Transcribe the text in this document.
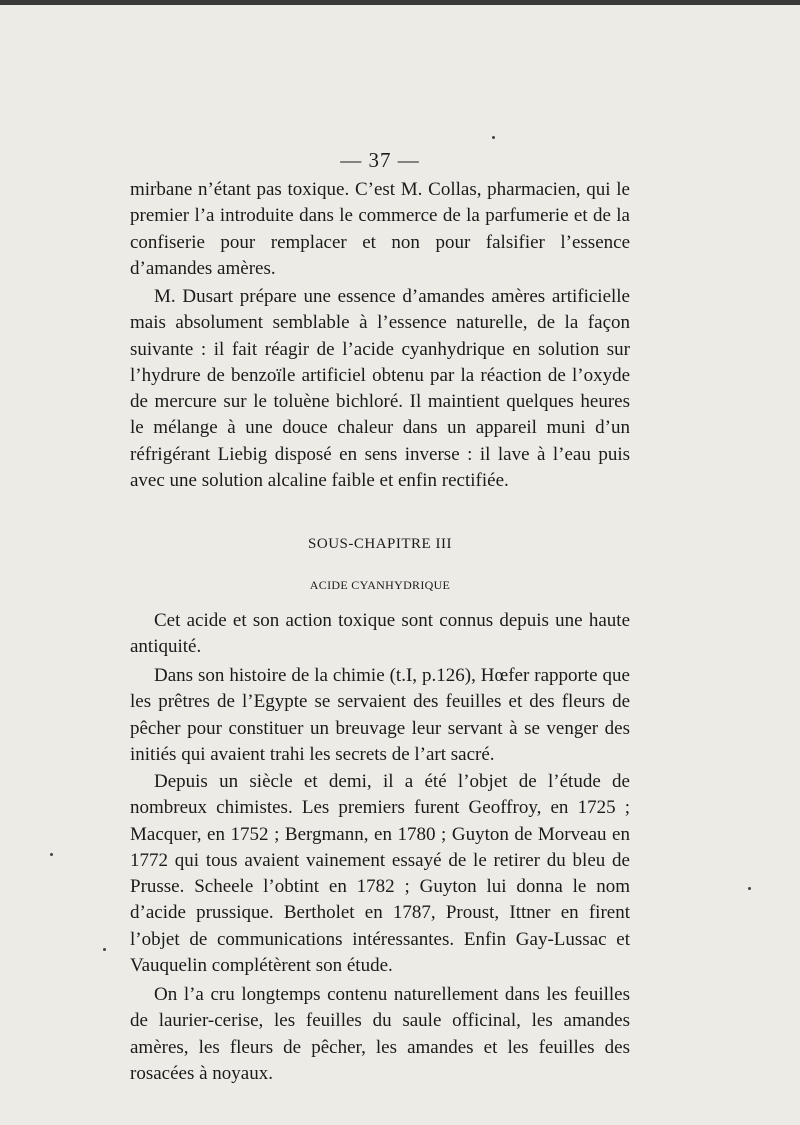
— 37 —

mirbane n’étant pas toxique. C’est M. Collas, pharmacien, qui le premier l’a introduite dans le commerce de la parfumerie et de la confiserie pour remplacer et non pour falsifier l’essence d’amandes amères.

M. Dusart prépare une essence d’amandes amères artificielle mais absolument semblable à l’essence naturelle, de la façon suivante : il fait réagir de l’acide cyanhydrique en solution sur l’hydrure de benzoïle artificiel obtenu par la réaction de l’oxyde de mercure sur le toluène bichloré. Il maintient quelques heures le mélange à une douce chaleur dans un appareil muni d’un réfrigérant Liebig disposé en sens inverse : il lave à l’eau puis avec une solution alcaline faible et enfin rectifiée.

SOUS-CHAPITRE III
ACIDE CYANHYDRIQUE

Cet acide et son action toxique sont connus depuis une haute antiquité.

Dans son histoire de la chimie (t.I, p.126), Hœfer rapporte que les prêtres de l’Egypte se servaient des feuilles et des fleurs de pêcher pour constituer un breuvage leur servant à se venger des initiés qui avaient trahi les secrets de l’art sacré.

Depuis un siècle et demi, il a été l’objet de l’étude de nombreux chimistes. Les premiers furent Geoffroy, en 1725 ; Macquer, en 1752 ; Bergmann, en 1780 ; Guyton de Morveau en 1772 qui tous avaient vainement essayé de le retirer du bleu de Prusse. Scheele l’obtint en 1782 ; Guyton lui donna le nom d’acide prussique. Bertholet en 1787, Proust, Ittner en firent l’objet de communications intéressantes. Enfin Gay-Lussac et Vauquelin complétèrent son étude.

On l’a cru longtemps contenu naturellement dans les feuilles de laurier-cerise, les feuilles du saule officinal, les amandes amères, les fleurs de pêcher, les amandes et les feuilles des rosacées à noyaux.
